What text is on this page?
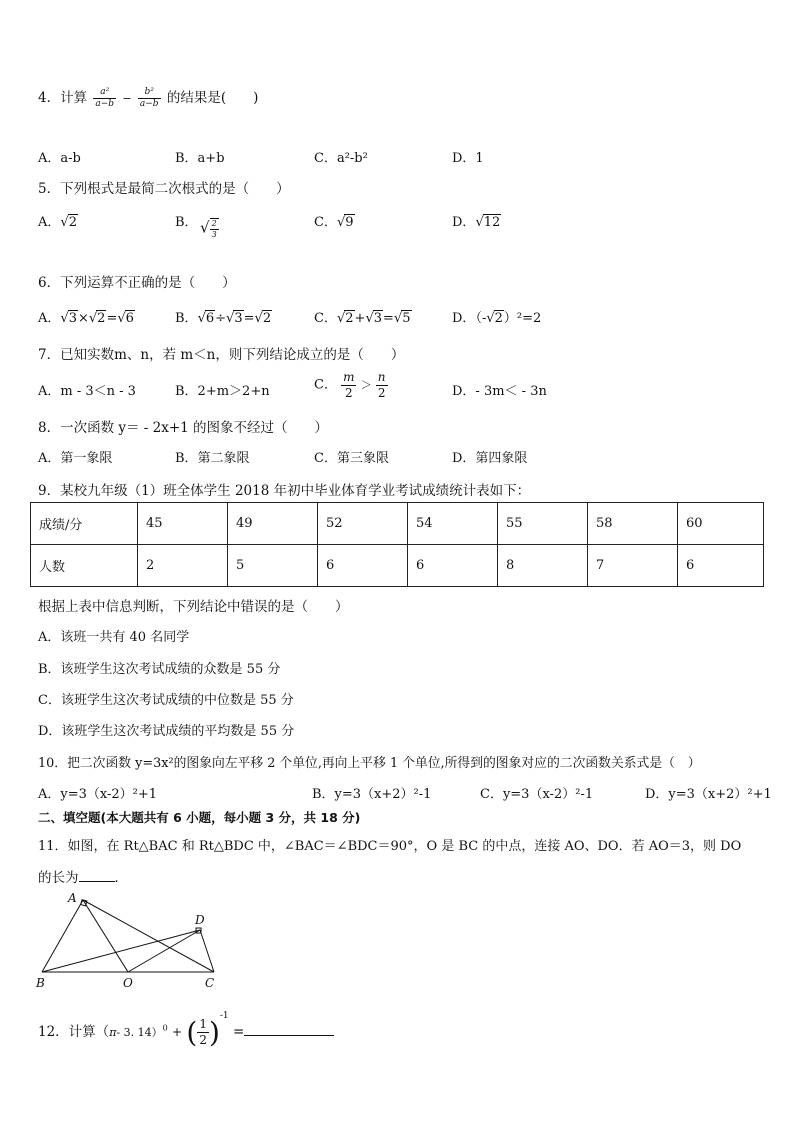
4．计算 $\frac{\text{a²}}{a-b} - \frac{\text{b²}}{a-b}$ 的结果是(　　)
A．a-b	B．a+b	C．a²-b²	D．1
5．下列根式是最简二次根式的是（　　）
A．√2	B． √ $\frac{2}{3}$	C．√9	D．√12
6．下列运算不正确的是（　　）
A．√3×√2=√6	B．√6÷√3=√2	C．√2+√3=√5	D．（-√2）²=2
7．已知实数m、n，若 m＜n，则下列结论成立的是（　　）
A．m - 3＜n - 3	B．2+m＞2+n	C． $\frac{m}{2} > \frac{n}{2}$	D．- 3m＜ - 3n
8．一次函数 y＝ - 2x+1 的图象不经过（　　）
A．第一象限	B．第二象限	C．第三象限	D．第四象限
9．某校九年级（1）班全体学生 2018 年初中毕业体育学业考试成绩统计表如下：
成绩/分	45	49	52	54	55	58	60
人数	2	5	6	6	8	7	6
根据上表中信息判断，下列结论中错误的是（　　）
A．该班一共有 40 名同学
B．该班学生这次考试成绩的众数是 55 分
C．该班学生这次考试成绩的中位数是 55 分
D．该班学生这次考试成绩的平均数是 55 分
10．把二次函数 y=3x²的图象向左平移 2 个单位,再向上平移 1 个单位,所得到的图象对应的二次函数关系式是（　）
A．y=3（x-2）²+1	B．y=3（x+2）²-1	C．y=3（x-2）²-1	D．y=3（x+2）²+1
二、填空题(本大题共有 6 小题，每小题 3 分，共 18 分)
11．如图，在 Rt△BAC 和 Rt△BDC 中，∠BAC＝∠BDC＝90°，O 是 BC 的中点，连接 AO、DO．若 AO＝3，则 DO
的长为	．
A
D
B	O	C
12．计算（π- 3. 14）$^0$ + ( $\frac{1}{2} )^{-1}$ =
